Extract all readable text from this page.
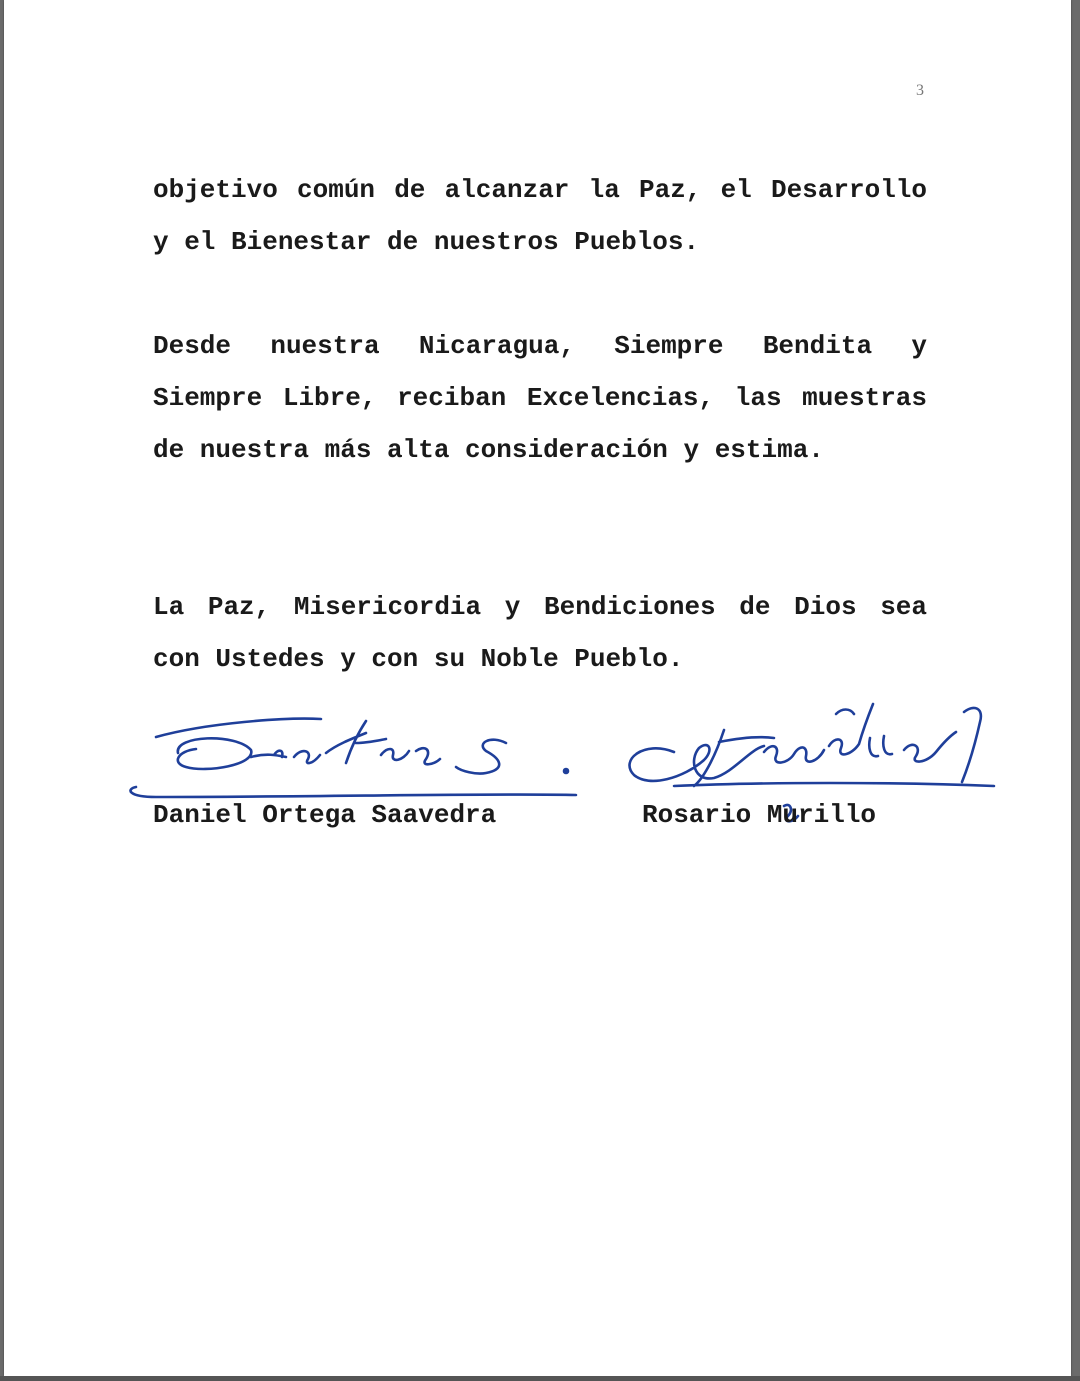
3

objetivo común de alcanzar la Paz, el Desarrollo y el Bienestar de nuestros Pueblos.

Desde nuestra Nicaragua, Siempre Bendita y Siempre Libre, reciban Excelencias, las muestras de nuestra más alta consideración y estima.

La Paz, Misericordia y Bendiciones de Dios sea con Ustedes y con su Noble Pueblo.

Daniel Ortega Saavedra	Rosario Murillo
